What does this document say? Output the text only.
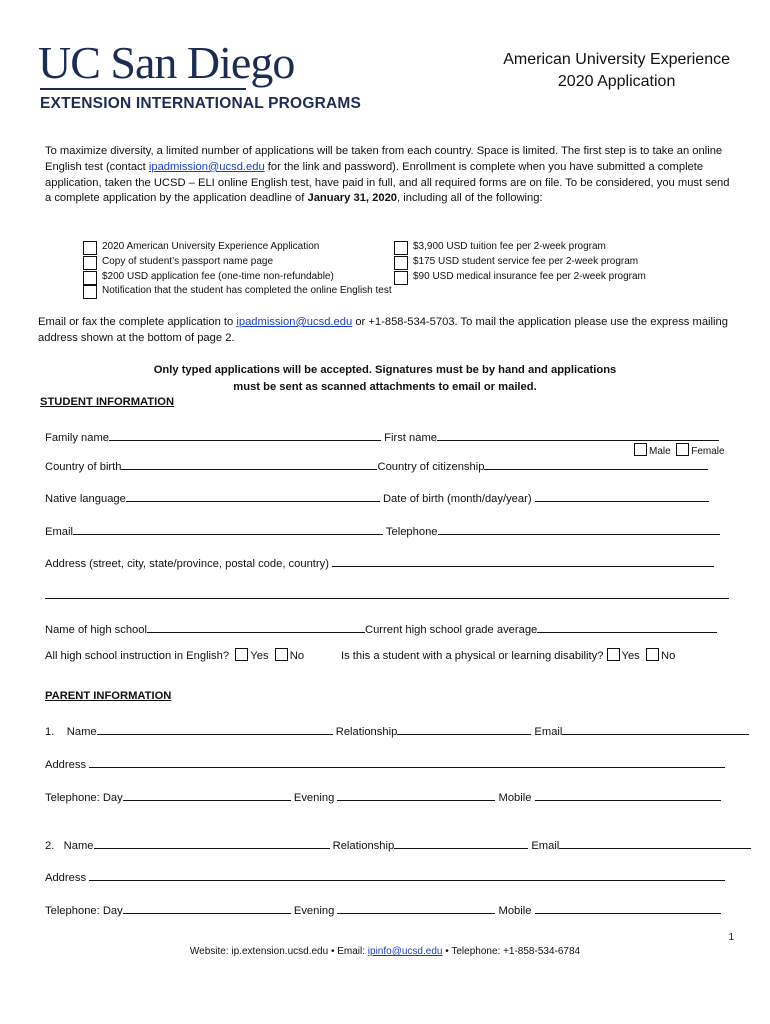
UC San Diego
EXTENSION INTERNATIONAL PROGRAMS
American University Experience
2020 Application
To maximize diversity, a limited number of applications will be taken from each country. Space is limited. The first step is to take an online English test (contact ipadmission@ucsd.edu for the link and password). Enrollment is complete when you have submitted a complete application, taken the UCSD – ELI online English test, have paid in full, and all required forms are on file. To be considered, you must send a complete application by the application deadline of January 31, 2020, including all of the following:
2020 American University Experience Application
Copy of student’s passport name page
$200 USD application fee (one-time non-refundable)
Notification that the student has completed the online English test
$3,900 USD tuition fee per 2-week program
$175 USD student service fee per 2-week program
$90 USD medical insurance fee per 2-week program
Email or fax the complete application to ipadmission@ucsd.edu or +1-858-534-5703. To mail the application please use the express mailing address shown at the bottom of page 2.
Only typed applications will be accepted. Signatures must be by hand and applications
must be sent as scanned attachments to email or mailed.
STUDENT INFORMATION
Family name	First name
Male Female
Country of birth	Country of citizenship
Native language	Date of birth (month/day/year)
Email	Telephone
Address (street, city, state/province, postal code, country)
Name of high school	Current high school grade average
All high school instruction in English? Yes No	Is this a student with a physical or learning disability? Yes No
PARENT INFORMATION
1. Name	Relationship	Email
Address
Telephone: Day	Evening	Mobile
2. Name	Relationship	Email
Address
Telephone: Day	Evening	Mobile
1
Website: ip.extension.ucsd.edu • Email: ipinfo@ucsd.edu • Telephone: +1-858-534-6784
